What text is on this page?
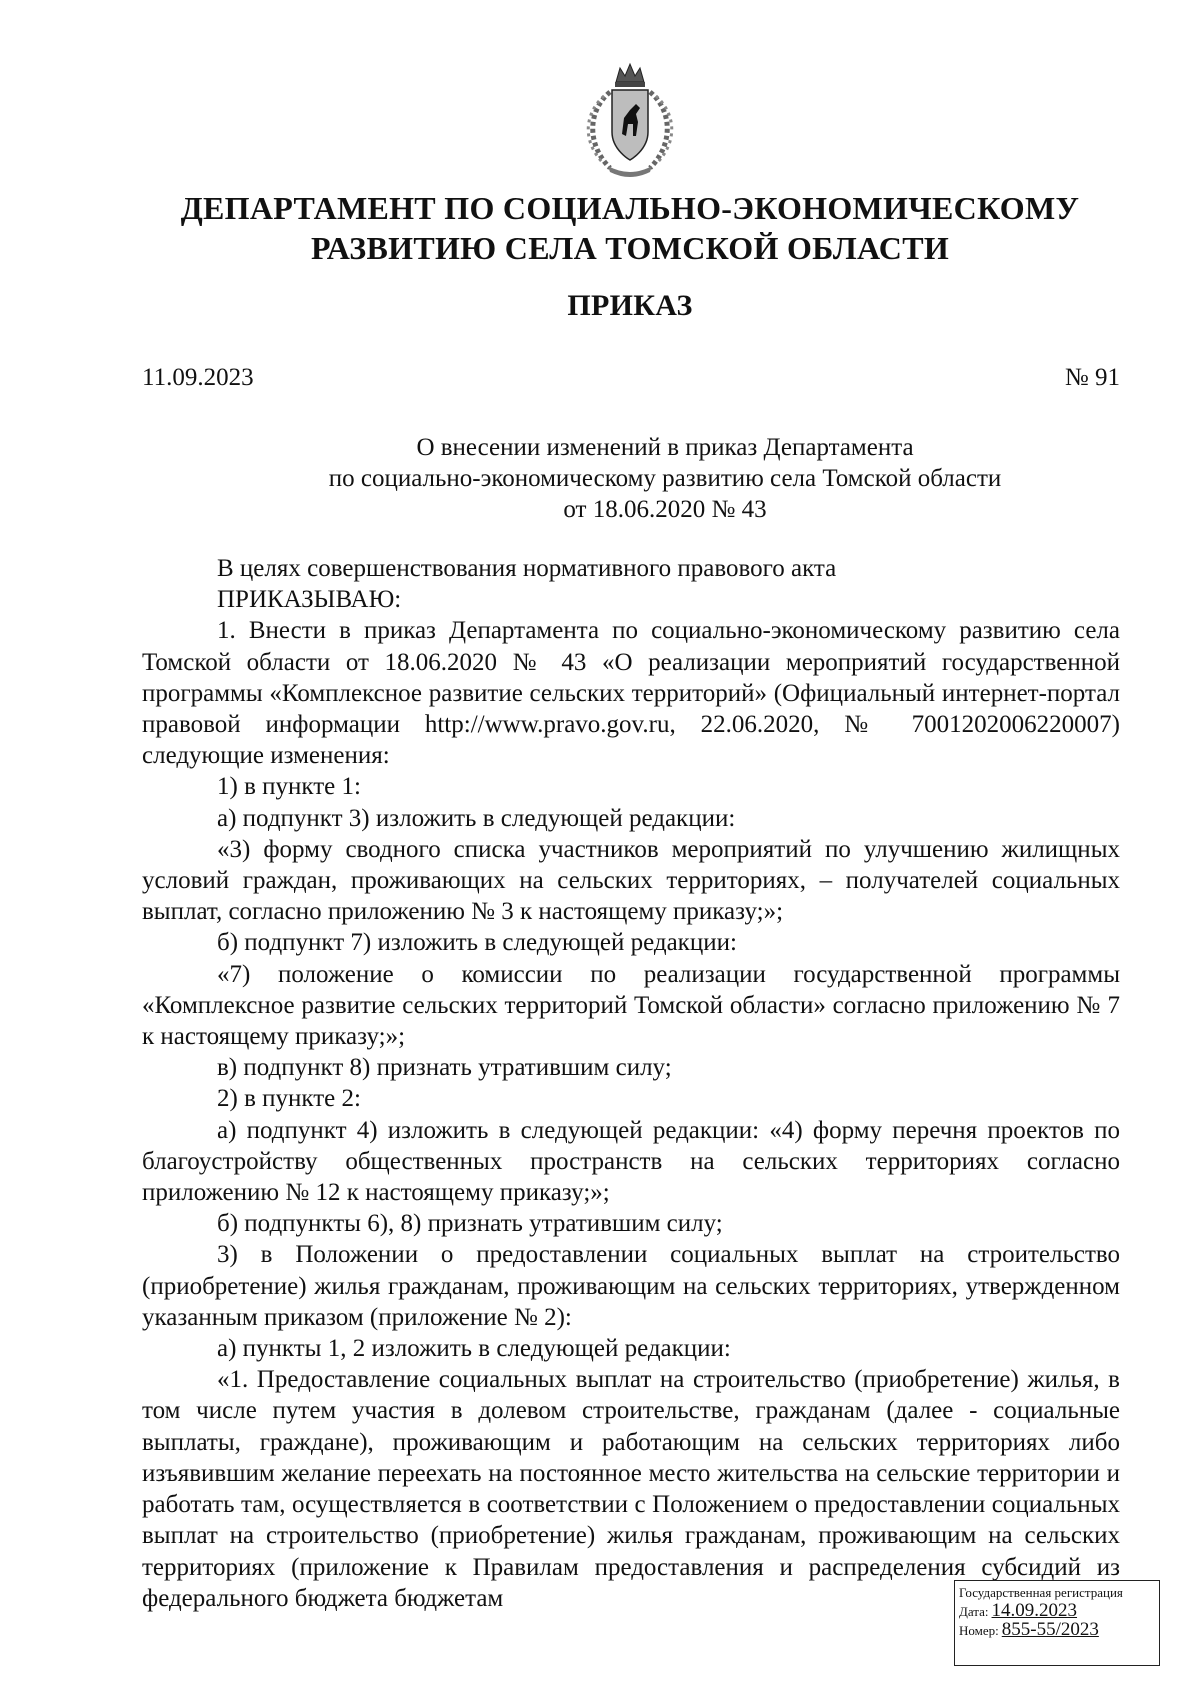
ДЕПАРТАМЕНТ ПО СОЦИАЛЬНО-ЭКОНОМИЧЕСКОМУ
РАЗВИТИЮ СЕЛА ТОМСКОЙ ОБЛАСТИ
ПРИКАЗ
11.09.2023	№ 91
О внесении изменений в приказ Департамента
по социально-экономическому развитию села Томской области
от 18.06.2020 № 43

В целях совершенствования нормативного правового акта

ПРИКАЗЫВАЮ:

1. Внести в приказ Департамента по социально-экономическому развитию села Томской области от 18.06.2020 № 43 «О реализации мероприятий государственной программы «Комплексное развитие сельских территорий» (Официальный интернет-портал правовой информации http://www.pravo.gov.ru, 22.06.2020, № 7001202006220007) следующие изменения:

1) в пункте 1:

а) подпункт 3) изложить в следующей редакции:

«3) форму сводного списка участников мероприятий по улучшению жилищных условий граждан, проживающих на сельских территориях, – получателей социальных выплат, согласно приложению № 3 к настоящему приказу;»;

б) подпункт 7) изложить в следующей редакции:

«7) положение о комиссии по реализации государственной программы «Комплексное развитие сельских территорий Томской области» согласно приложению № 7 к настоящему приказу;»;

в) подпункт 8) признать утратившим силу;

2) в пункте 2:

а) подпункт 4) изложить в следующей редакции: «4) форму перечня проектов по благоустройству общественных пространств на сельских территориях согласно приложению № 12 к настоящему приказу;»;

б) подпункты 6), 8) признать утратившим силу;

3) в Положении о предоставлении социальных выплат на строительство (приобретение) жилья гражданам, проживающим на сельских территориях, утвержденном указанным приказом (приложение № 2):

а) пункты 1, 2 изложить в следующей редакции:

«1. Предоставление социальных выплат на строительство (приобретение) жилья, в том числе путем участия в долевом строительстве, гражданам (далее - социальные выплаты, граждане), проживающим и работающим на сельских территориях либо изъявившим желание переехать на постоянное место жительства на сельские территории и работать там, осуществляется в соответствии с Положением о предоставлении социальных выплат на строительство (приобретение) жилья гражданам, проживающим на сельских территориях (приложение к Правилам предоставления и распределения субсидий из федерального бюджета бюджетам	Государственная регистрация
Дата: 14.09.2023
Номер: 855-55/2023
